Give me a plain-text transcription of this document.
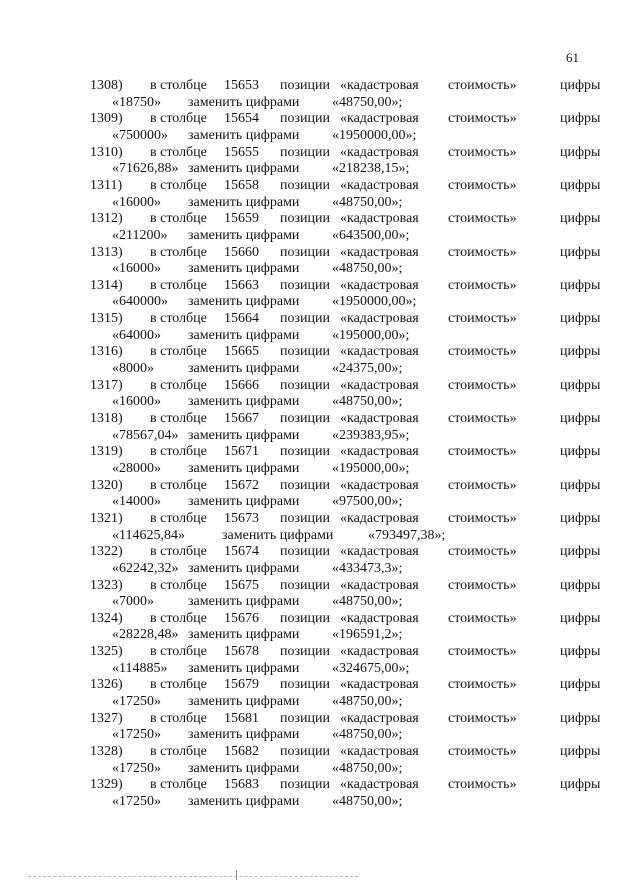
61
1308) в столбце 15653 позиции «кадастровая стоимость»	цифры
«18750» заменить цифрами «48750,00»;
1309) в столбце 15654 позиции «кадастровая стоимость»	цифры
«750000» заменить цифрами «1950000,00»;
1310) в столбце 15655 позиции «кадастровая стоимость»	цифры
«71626,88» заменить цифрами «218238,15»;
1311) в столбце 15658 позиции «кадастровая стоимость»	цифры
«16000» заменить цифрами «48750,00»;
1312) в столбце 15659 позиции «кадастровая стоимость»	цифры
«211200» заменить цифрами «643500,00»;
1313) в столбце 15660 позиции «кадастровая стоимость»	цифры
«16000» заменить цифрами «48750,00»;
1314) в столбце 15663 позиции «кадастровая стоимость»	цифры
«640000» заменить цифрами «1950000,00»;
1315) в столбце 15664 позиции «кадастровая стоимость»	цифры
«64000» заменить цифрами «195000,00»;
1316) в столбце 15665 позиции «кадастровая стоимость»	цифры
«8000» заменить цифрами «24375,00»;
1317) в столбце 15666 позиции «кадастровая стоимость»	цифры
«16000» заменить цифрами «48750,00»;
1318) в столбце 15667 позиции «кадастровая стоимость»	цифры
«78567,04» заменить цифрами «239383,95»;
1319) в столбце 15671 позиции «кадастровая стоимость»	цифры
«28000» заменить цифрами «195000,00»;
1320) в столбце 15672 позиции «кадастровая стоимость»	цифры
«14000» заменить цифрами «97500,00»;
1321) в столбце 15673 позиции «кадастровая стоимость»	цифры
«114625,84»	заменить цифрами «793497,38»;
1322) в столбце 15674 позиции «кадастровая стоимость»	цифры
«62242,32» заменить цифрами «433473,3»;
1323) в столбце 15675 позиции «кадастровая стоимость»	цифры
«7000» заменить цифрами «48750,00»;
1324) в столбце 15676 позиции «кадастровая стоимость»	цифры
«28228,48» заменить цифрами «196591,2»;
1325) в столбце 15678 позиции «кадастровая стоимость»	цифры
«114885» заменить цифрами «324675,00»;
1326) в столбце 15679 позиции «кадастровая стоимость»	цифры
«17250» заменить цифрами «48750,00»;
1327) в столбце 15681 позиции «кадастровая стоимость»	цифры
«17250» заменить цифрами «48750,00»;
1328) в столбце 15682 позиции «кадастровая стоимость»	цифры
«17250» заменить цифрами «48750,00»;
1329) в столбце 15683 позиции «кадастровая стоимость»	цифры
«17250» заменить цифрами «48750,00»;
